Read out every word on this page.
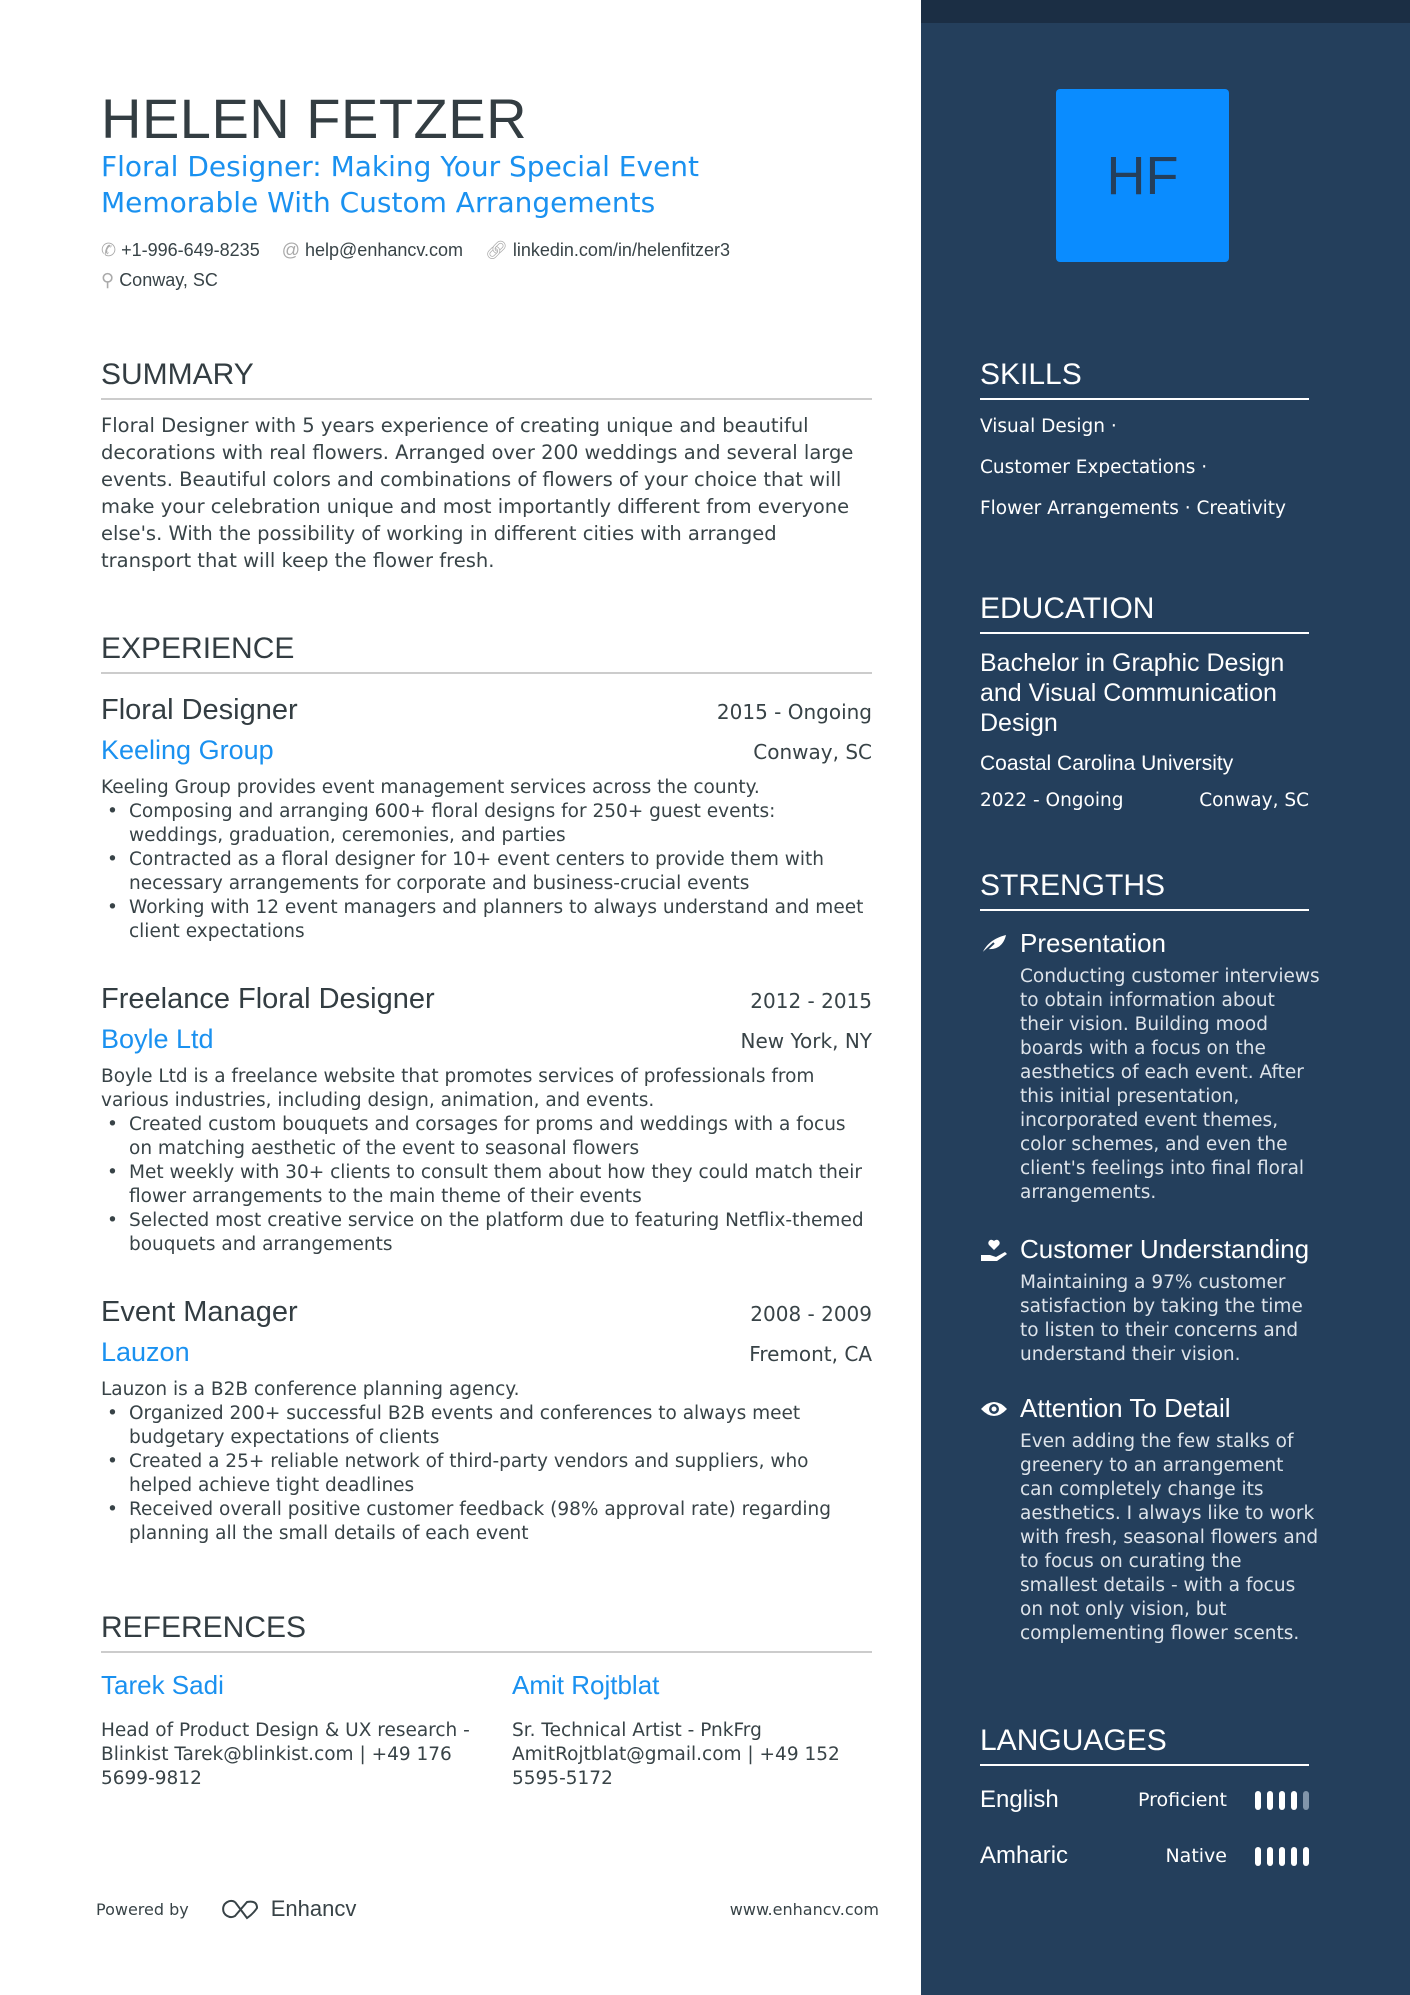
HELEN FETZER
Floral Designer: Making Your Special Event Memorable With Custom Arrangements
✆ +1-996-649-8235 @ help@enhancv.com 🔗︎ linkedin.com/in/helenfitzer3
⚲ Conway, SC
SUMMARY
Floral Designer with 5 years experience of creating unique and beautiful decorations with real flowers. Arranged over 200 weddings and several large events. Beautiful colors and combinations of flowers of your choice that will make your celebration unique and most importantly different from everyone else's. With the possibility of working in different cities with arranged transport that will keep the flower fresh.
EXPERIENCE
Floral Designer	2015 - Ongoing
Keeling Group	Conway, SC
Keeling Group provides event management services across the county.
• Composing and arranging 600+ floral designs for 250+ guest events: weddings, graduation, ceremonies, and parties
• Contracted as a floral designer for 10+ event centers to provide them with necessary arrangements for corporate and business-crucial events
• Working with 12 event managers and planners to always understand and meet client expectations
Freelance Floral Designer	2012 - 2015
Boyle Ltd	New York, NY
Boyle Ltd is a freelance website that promotes services of professionals from various industries, including design, animation, and events.
• Created custom bouquets and corsages for proms and weddings with a focus on matching aesthetic of the event to seasonal flowers
• Met weekly with 30+ clients to consult them about how they could match their flower arrangements to the main theme of their events
• Selected most creative service on the platform due to featuring Netflix-themed bouquets and arrangements
Event Manager	2008 - 2009
Lauzon	Fremont, CA
Lauzon is a B2B conference planning agency.
• Organized 200+ successful B2B events and conferences to always meet budgetary expectations of clients
• Created a 25+ reliable network of third-party vendors and suppliers, who helped achieve tight deadlines
• Received overall positive customer feedback (98% approval rate) regarding planning all the small details of each event
REFERENCES
Tarek Sadi
Head of Product Design & UX research - Blinkist Tarek@blinkist.com | +49 176 5699-9812
Amit Rojtblat
Sr. Technical Artist - PnkFrg AmitRojtblat@gmail.com | +49 152 5595-5172
Powered by	Enhancv	www.enhancv.com
HF
SKILLS
Visual Design ·
Customer Expectations ·
Flower Arrangements · Creativity
EDUCATION
Bachelor in Graphic Design and Visual Communication Design
Coastal Carolina University
2022 - Ongoing	Conway, SC
STRENGTHS
Presentation
Conducting customer interviews to obtain information about their vision. Building mood boards with a focus on the aesthetics of each event. After this initial presentation, incorporated event themes, color schemes, and even the client's feelings into final floral arrangements.
Customer Understanding
Maintaining a 97% customer satisfaction by taking the time to listen to their concerns and understand their vision.
Attention To Detail
Even adding the few stalks of greenery to an arrangement can completely change its aesthetics. I always like to work with fresh, seasonal flowers and to focus on curating the smallest details - with a focus on not only vision, but complementing flower scents.
LANGUAGES
English	Proficient
Amharic	Native
